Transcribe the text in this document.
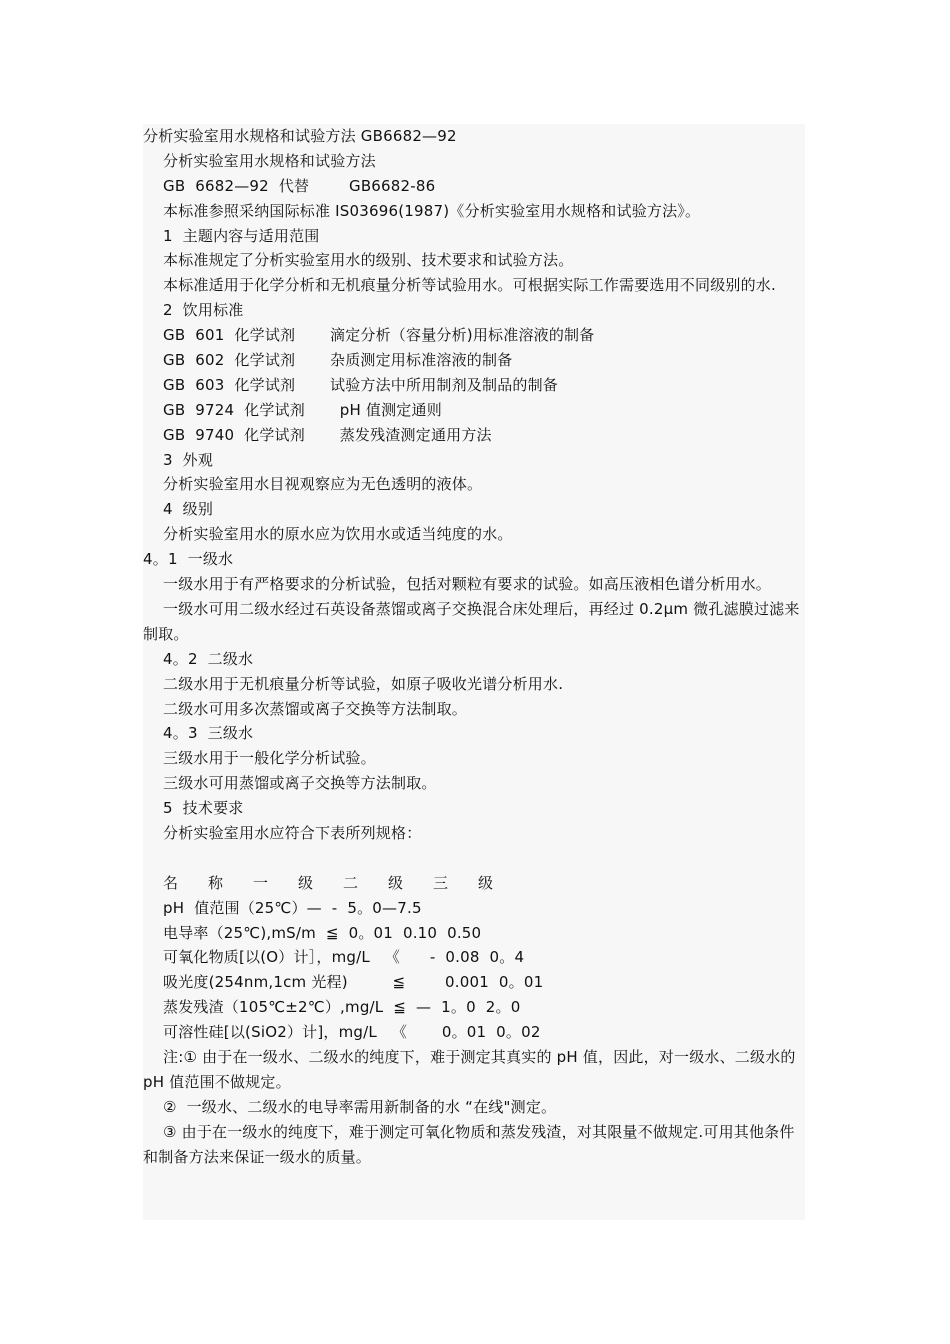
分析实验室用水规格和试验方法 GB6682—92
分析实验室用水规格和试验方法
GB  6682—92  代替        GB6682-86
本标准参照采纳国际标准 IS03696(1987)《分析实验室用水规格和试验方法》。
1  主题内容与适用范围
本标准规定了分析实验室用水的级别、技术要求和试验方法。
本标准适用于化学分析和无机痕量分析等试验用水。可根据实际工作需要选用不同级别的水.
2  饮用标准
GB  601  化学试剂       滴定分析（容量分析)用标准溶液的制备
GB  602  化学试剂       杂质测定用标准溶液的制备
GB  603  化学试剂       试验方法中所用制剂及制品的制备
GB  9724  化学试剂       pH 值测定通则
GB  9740  化学试剂       蒸发残渣测定通用方法
3  外观
分析实验室用水目视观察应为无色透明的液体。
4  级别
分析实验室用水的原水应为饮用水或适当纯度的水。
4。1  一级水
一级水用于有严格要求的分析试验，包括对颗粒有要求的试验。如高压液相色谱分析用水。
一级水可用二级水经过石英设备蒸馏或离子交换混合床处理后，再经过 0.2μm 微孔滤膜过滤来制取。
4。2  二级水
二级水用于无机痕量分析等试验，如原子吸收光谱分析用水.
二级水可用多次蒸馏或离子交换等方法制取。
4。3  三级水
三级水用于一般化学分析试验。
三级水可用蒸馏或离子交换等方法制取。
5  技术要求
分析实验室用水应符合下表所列规格：
名      称      一      级      二      级      三      级
pH  值范围（25℃）—  -  5。0—7.5
电导率（25℃),mS/m  ≦  0。01  0.10  0.50
可氧化物质[以(O）计］，mg/L   《      -  0.08  0。4
吸光度(254nm,1cm 光程)         ≦        0.001  0。01
蒸发残渣（105℃±2℃）,mg/L  ≦  —  1。0  2。0
可溶性硅[以(SiO2）计]，mg/L   《       0。01  0。02
注:① 由于在一级水、二级水的纯度下，难于测定其真实的 pH 值，因此，对一级水、二级水的 pH 值范围不做规定。
②  一级水、二级水的电导率需用新制备的水 “在线"测定。
③ 由于在一级水的纯度下，难于测定可氧化物质和蒸发残渣，对其限量不做规定.可用其他条件和制备方法来保证一级水的质量。
